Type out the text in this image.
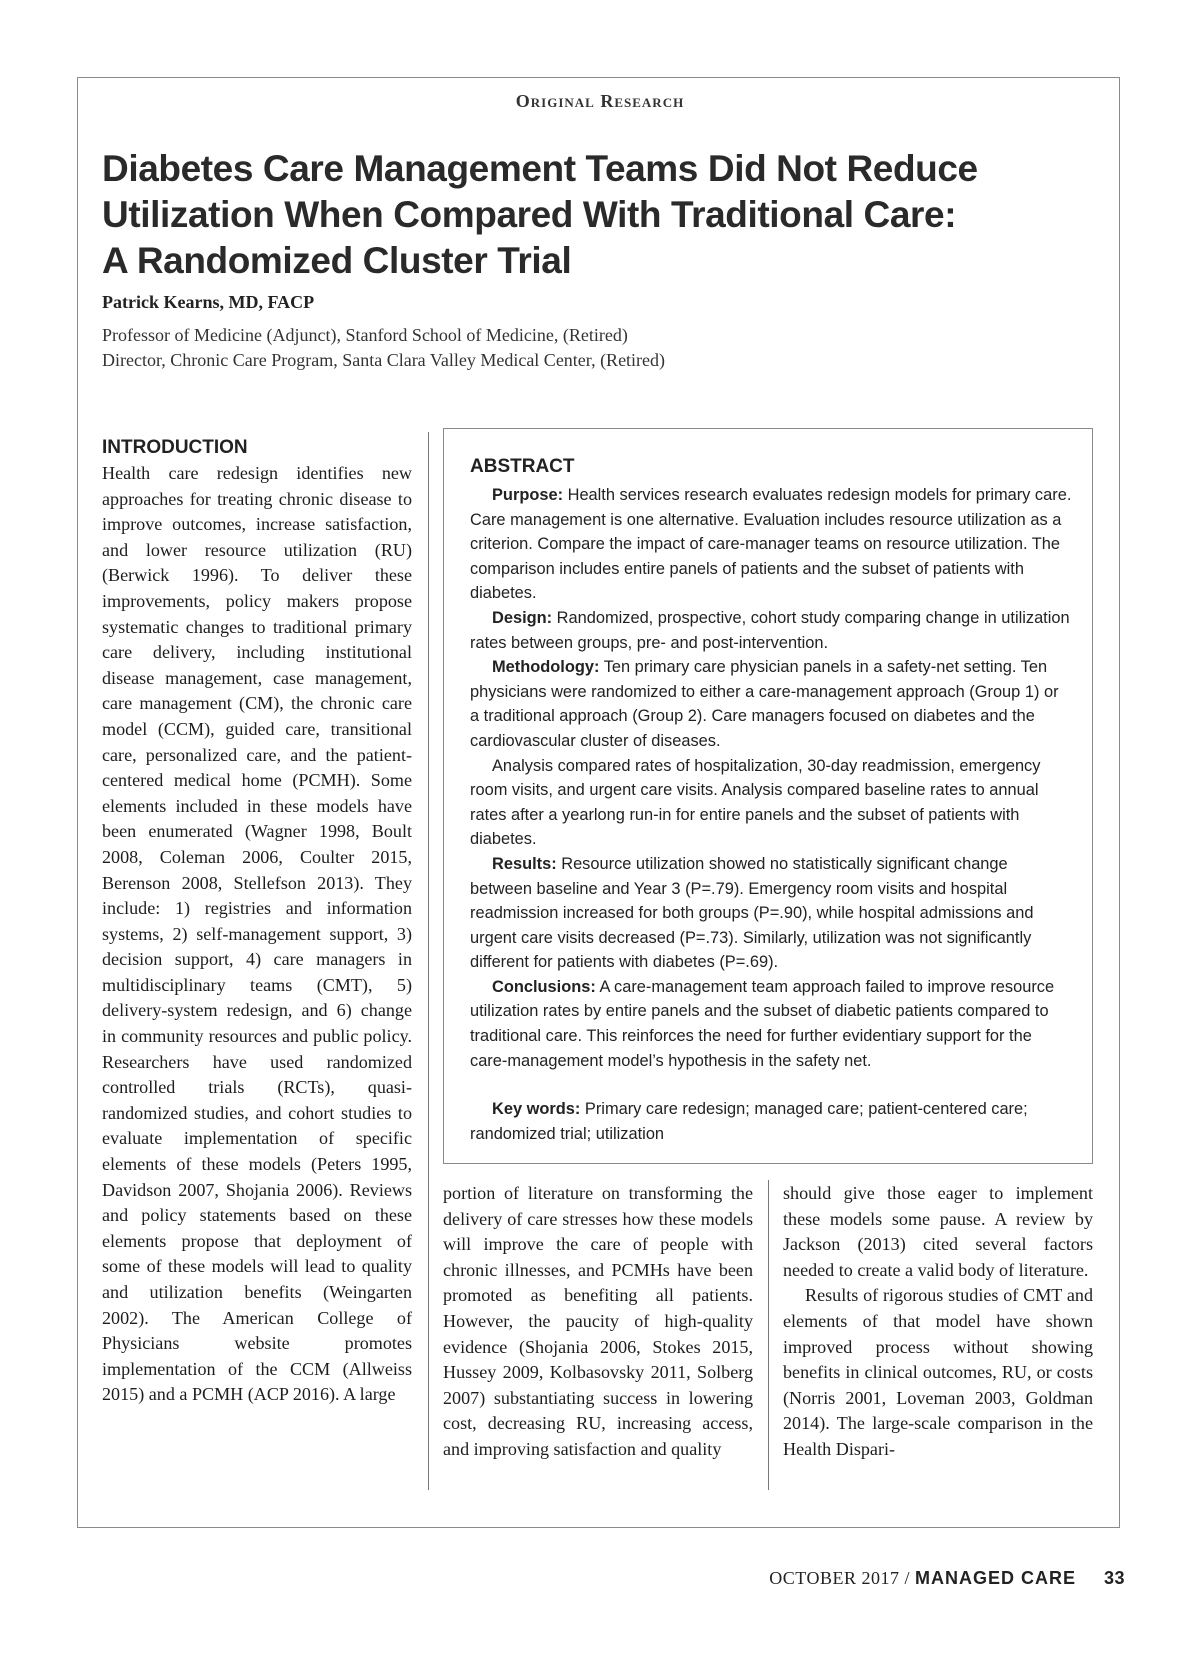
Original Research
Diabetes Care Management Teams Did Not Reduce
Utilization When Compared With Traditional Care:
A Randomized Cluster Trial
Patrick Kearns, MD, FACP
Professor of Medicine (Adjunct), Stanford School of Medicine, (Retired)
Director, Chronic Care Program, Santa Clara Valley Medical Center, (Retired)
INTRODUCTION

Health care redesign identifies new approaches for treating chronic disease to improve outcomes, increase satisfaction, and lower resource utilization (RU) (Berwick 1996). To deliver these improvements, policy makers propose systematic changes to traditional primary care delivery, including institutional disease management, case management, care management (CM), the chronic care model (CCM), guided care, transitional care, personalized care, and the patient-centered medical home (PCMH). Some elements included in these models have been enumerated (Wagner 1998, Boult 2008, Coleman 2006, Coulter 2015, Berenson 2008, Stellefson 2013). They include: 1) registries and information systems, 2) self-management support, 3) decision support, 4) care managers in multidisciplinary teams (CMT), 5) delivery-system redesign, and 6) change in community resources and public policy. Researchers have used randomized controlled trials (RCTs), quasi-randomized studies, and cohort studies to evaluate implementation of specific elements of these models (Peters 1995, Davidson 2007, Shojania 2006). Reviews and policy statements based on these elements propose that deployment of some of these models will lead to quality and utilization benefits (Weingarten 2002). The American College of Physicians website promotes implementation of the CCM (Allweiss 2015) and a PCMH (ACP 2016). A large

ABSTRACT

Purpose: Health services research evaluates redesign models for primary care. Care management is one alternative. Evaluation includes resource utilization as a criterion. Compare the impact of care-manager teams on resource utilization. The comparison includes entire panels of patients and the subset of patients with diabetes.

Design: Randomized, prospective, cohort study comparing change in utilization rates between groups, pre- and post-intervention.

Methodology: Ten primary care physician panels in a safety-net setting. Ten physicians were randomized to either a care-management approach (Group 1) or a traditional approach (Group 2). Care managers focused on diabetes and the cardiovascular cluster of diseases.

Analysis compared rates of hospitalization, 30-day readmission, emergency room visits, and urgent care visits. Analysis compared baseline rates to annual rates after a yearlong run-in for entire panels and the subset of patients with diabetes.

Results: Resource utilization showed no statistically significant change between baseline and Year 3 (P=.79). Emergency room visits and hospital readmission increased for both groups (P=.90), while hospital admissions and urgent care visits decreased (P=.73). Similarly, utilization was not significantly different for patients with diabetes (P=.69).

Conclusions: A care-management team approach failed to improve resource utilization rates by entire panels and the subset of diabetic patients compared to traditional care. This reinforces the need for further evidentiary support for the care-management model’s hypothesis in the safety net.

Key words: Primary care redesign; managed care; patient-centered care; randomized trial; utilization

portion of literature on transforming the delivery of care stresses how these models will improve the care of people with chronic illnesses, and PCMHs have been promoted as benefiting all patients. However, the paucity of high-quality evidence (Shojania 2006, Stokes 2015, Hussey 2009, Kolbasovsky 2011, Solberg 2007) substantiating success in lowering cost, decreasing RU, increasing access, and improving satisfaction and quality

should give those eager to implement these models some pause. A review by Jackson (2013) cited several factors needed to create a valid body of literature.

Results of rigorous studies of CMT and elements of that model have shown improved process without showing benefits in clinical outcomes, RU, or costs (Norris 2001, Loveman 2003, Goldman 2014). The large-scale comparison in the Health Dispari-

OCTOBER 2017 / MANAGED CARE 33
